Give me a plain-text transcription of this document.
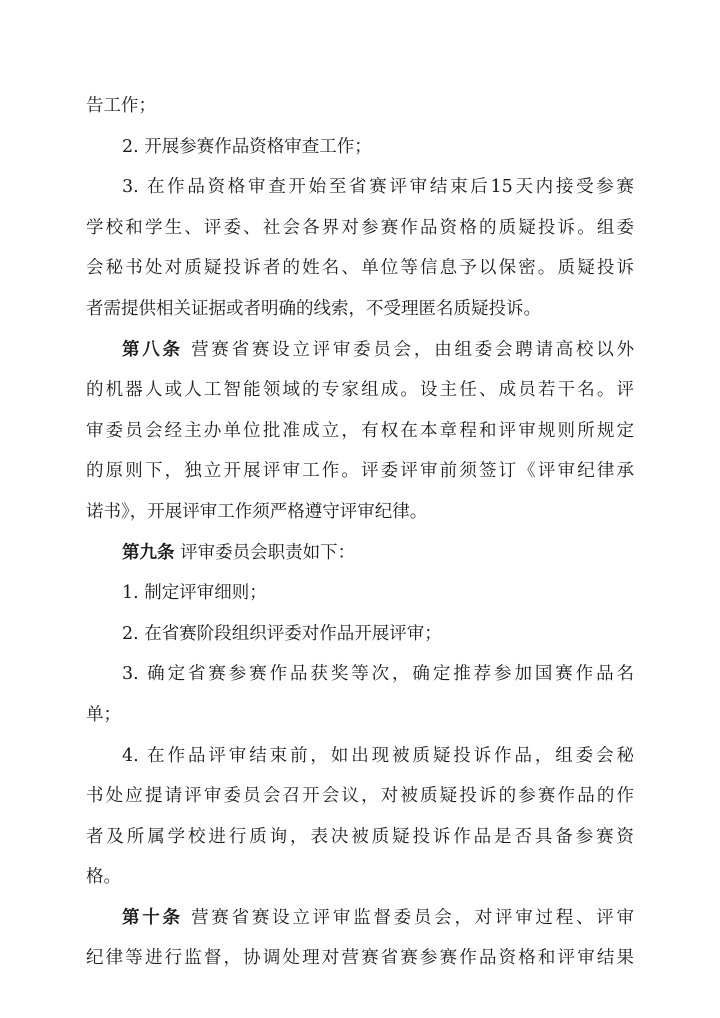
告工作；
2. 开展参赛作品资格审查工作；
3. 在作品资格审查开始至省赛评审结束后15天内接受参赛
学校和学生、评委、社会各界对参赛作品资格的质疑投诉。组委
会秘书处对质疑投诉者的姓名、单位等信息予以保密。质疑投诉
者需提供相关证据或者明确的线索，不受理匿名质疑投诉。
第八条 营赛省赛设立评审委员会，由组委会聘请高校以外
的机器人或人工智能领域的专家组成。设主任、成员若干名。评
审委员会经主办单位批准成立，有权在本章程和评审规则所规定
的原则下，独立开展评审工作。评委评审前须签订《评审纪律承
诺书》，开展评审工作须严格遵守评审纪律。
第九条 评审委员会职责如下：
1. 制定评审细则；
2. 在省赛阶段组织评委对作品开展评审；
3. 确定省赛参赛作品获奖等次，确定推荐参加国赛作品名
单；
4. 在作品评审结束前，如出现被质疑投诉作品，组委会秘
书处应提请评审委员会召开会议，对被质疑投诉的参赛作品的作
者及所属学校进行质询，表决被质疑投诉作品是否具备参赛资
格。
第十条 营赛省赛设立评审监督委员会，对评审过程、评审
纪律等进行监督，协调处理对营赛省赛参赛作品资格和评审结果
